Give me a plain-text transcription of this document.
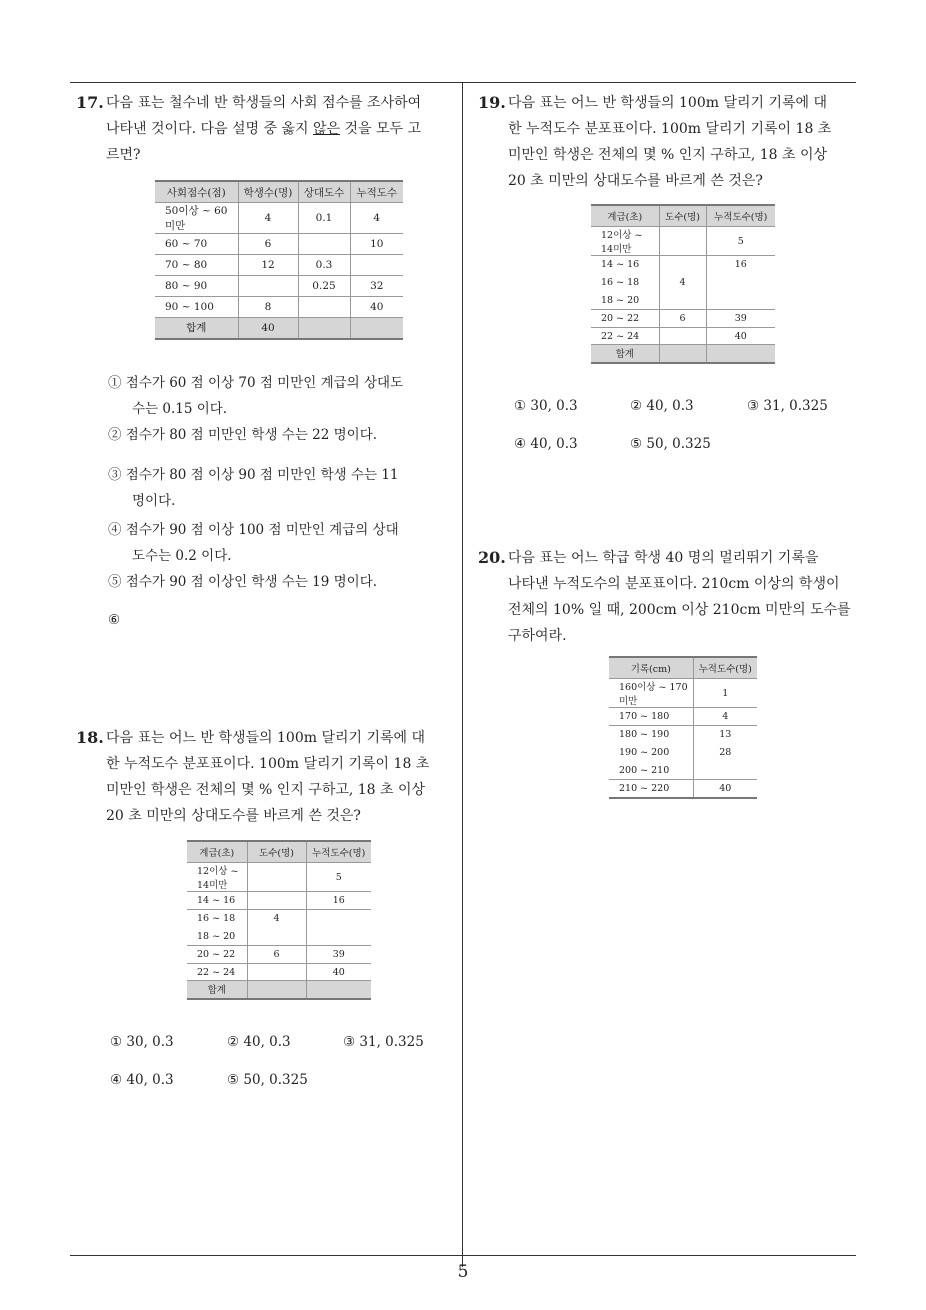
5
17. 다음 표는 철수네 반 학생들의 사회 점수를 조사하여
나타낸 것이다. 다음 설명 중 옳지 않은 것을 모두 고
르면?
사회점수(점)	학생수(명)	상대도수	누적도수
50이상 ~ 60미만	4	0.1	4
60 ~ 70	6		10
70 ~ 80	12	0.3	
80 ~ 90		0.25	32
90 ~ 100	8		40
합계	40		
① 점수가 60 점 이상 70 점 미만인 계급의 상대도
수는 0.15 이다.
② 점수가 80 점 미만인 학생 수는 22 명이다.
③ 점수가 80 점 이상 90 점 미만인 학생 수는 11
명이다.
④ 점수가 90 점 이상 100 점 미만인 계급의 상대
도수는 0.2 이다.
⑤ 점수가 90 점 이상인 학생 수는 19 명이다.
⑥
18. 다음 표는 어느 반 학생들의 100m 달리기 기록에 대
한 누적도수 분포표이다. 100m 달리기 기록이 18 초
미만인 학생은 전체의 몇 % 인지 구하고, 18 초 이상
20 초 미만의 상대도수를 바르게 쓴 것은?
계급(초)	도수(명)	누적도수(명)
12이상 ~ 14미만		5
14 ~ 16		16
16 ~ 18	4	
18 ~ 20		
20 ~ 22	6	39
22 ~ 24		40
합계		
① 30, 0.3	② 40, 0.3	③ 31, 0.325
④ 40, 0.3	⑤ 50, 0.325
19. 다음 표는 어느 반 학생들의 100m 달리기 기록에 대
한 누적도수 분포표이다. 100m 달리기 기록이 18 초
미만인 학생은 전체의 몇 % 인지 구하고, 18 초 이상
20 초 미만의 상대도수를 바르게 쓴 것은?
계급(초)	도수(명)	누적도수(명)
12이상 ~ 14미만		5
14 ~ 16		16
16 ~ 18	4	
18 ~ 20		
20 ~ 22	6	39
22 ~ 24		40
합계		
① 30, 0.3	② 40, 0.3	③ 31, 0.325
④ 40, 0.3	⑤ 50, 0.325
20. 다음 표는 어느 학급 학생 40 명의 멀리뛰기 기록을
나타낸 누적도수의 분포표이다. 210cm 이상의 학생이
전체의 10% 일 때, 200cm 이상 210cm 미만의 도수를
구하여라.
기록(cm)	누적도수(명)
160이상 ~ 170미만	1
170 ~ 180	4
180 ~ 190	13
190 ~ 200	28
200 ~ 210	
210 ~ 220	40
